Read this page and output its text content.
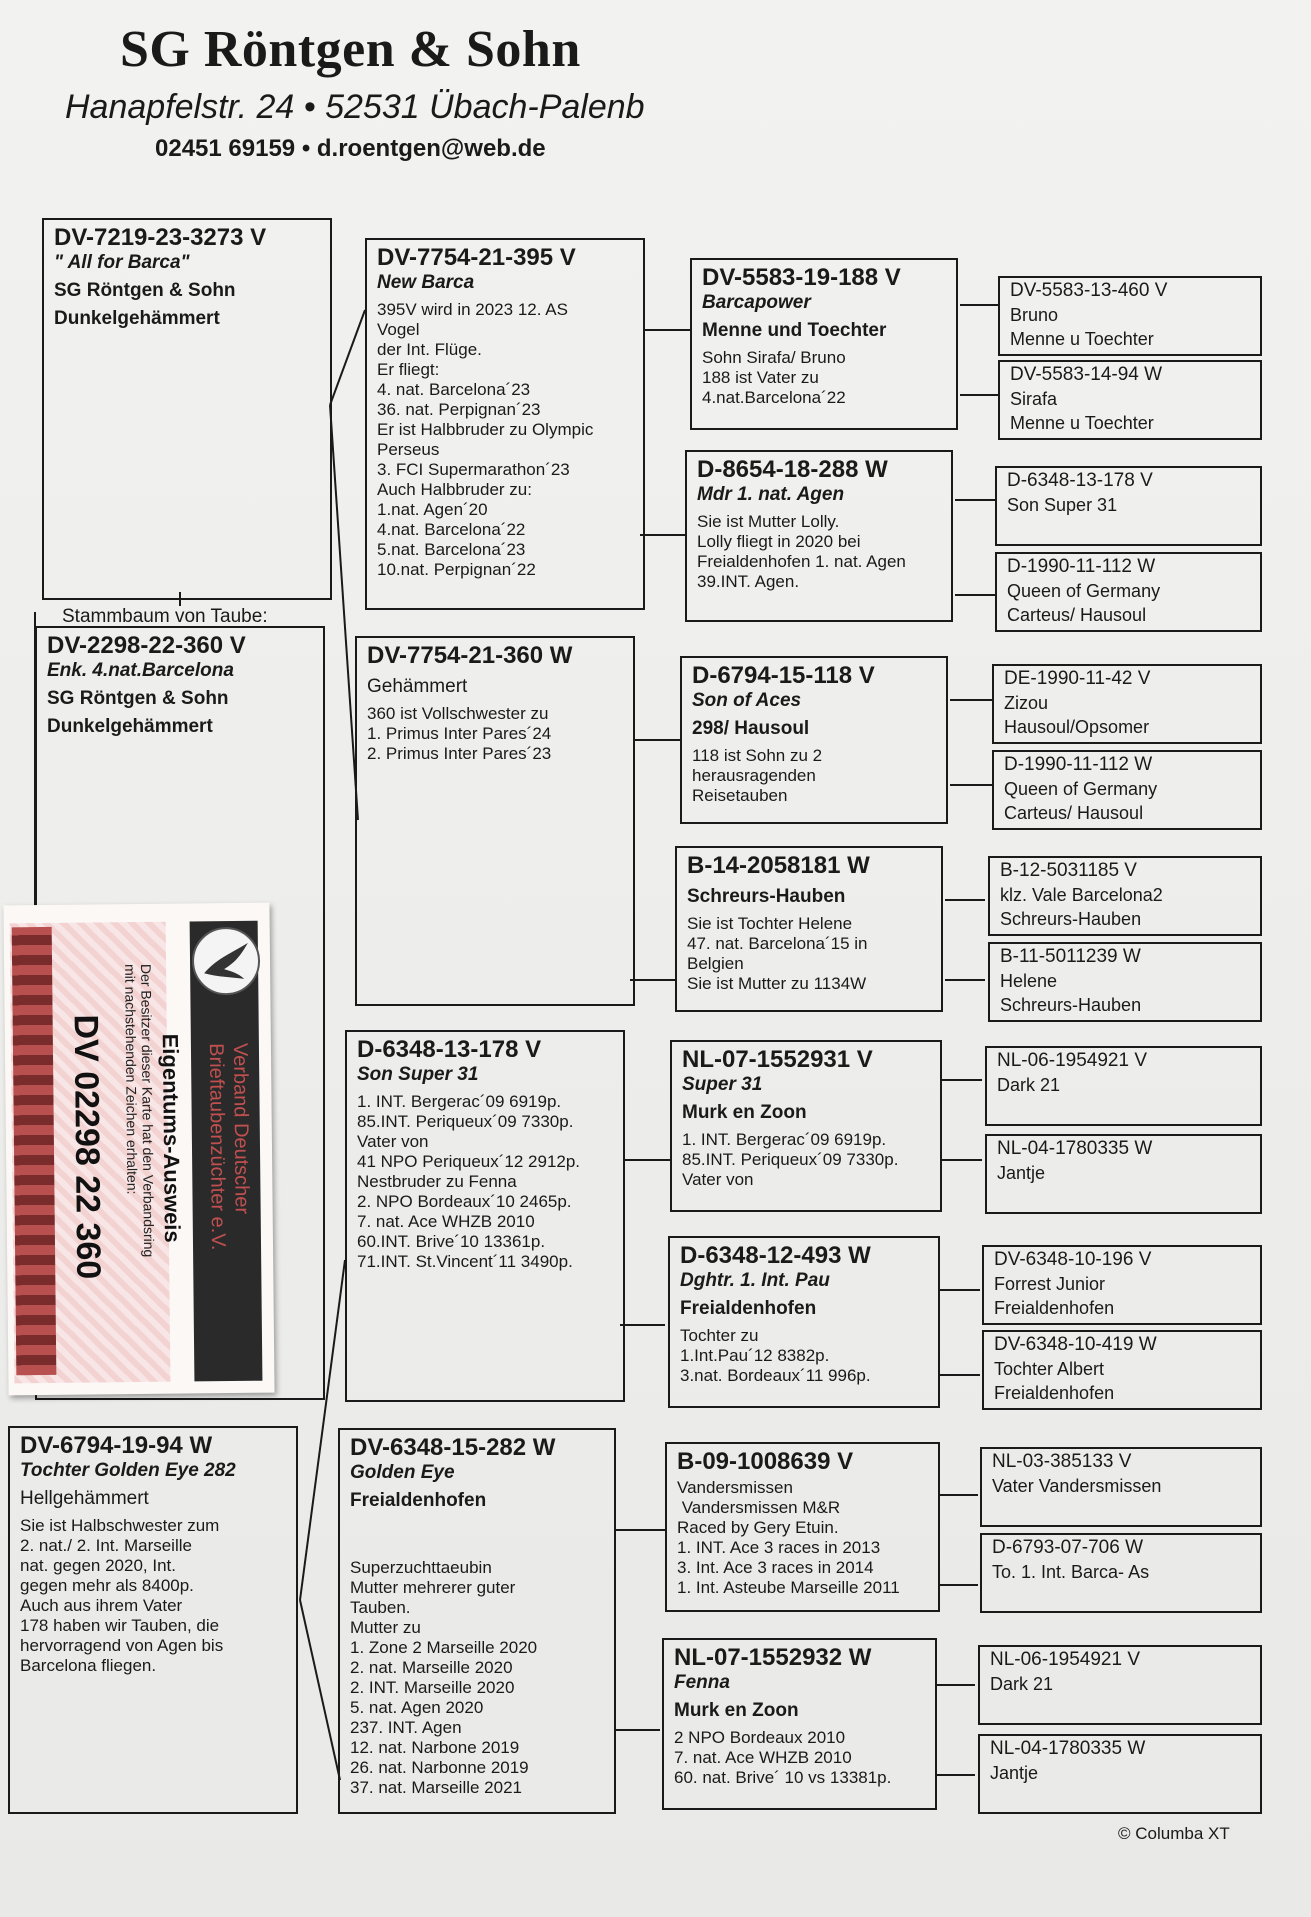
SG Röntgen & Sohn
Hanapfelstr. 24 • 52531 Übach-Palenb
02451 69159 • d.roentgen@web.de
DV-7219-23-3273 V
" All for Barca"
SG Röntgen & Sohn
Dunkelgehämmert
Stammbaum von Taube:
DV-2298-22-360 V
Enk. 4.nat.Barcelona
SG Röntgen & Sohn
Dunkelgehämmert
DV-6794-19-94 W
Tochter Golden Eye 282
Hellgehämmert
Sie ist Halbschwester zum
2. nat./ 2. Int. Marseille
nat. gegen 2020, Int.
gegen mehr als 8400p.
Auch aus ihrem Vater
178 haben wir Tauben, die
hervorragend von Agen bis
Barcelona fliegen.
DV-7754-21-395 V
New Barca
395V wird in 2023 12. AS
Vogel
der Int. Flüge.
Er fliegt:
4. nat. Barcelona´23
36. nat. Perpignan´23
Er ist Halbbruder zu Olympic
Perseus
3. FCI Supermarathon´23
Auch Halbbruder zu:
1.nat. Agen´20
4.nat. Barcelona´22
5.nat. Barcelona´23
10.nat. Perpignan´22
DV-7754-21-360 W
Gehämmert
360 ist Vollschwester zu
1. Primus Inter Pares´24
2. Primus Inter Pares´23
D-6348-13-178 V
Son Super 31
1. INT. Bergerac´09 6919p.
85.INT. Periqueux´09 7330p.
Vater von
41 NPO Periqueux´12 2912p.
Nestbruder zu Fenna
2. NPO Bordeaux´10 2465p.
7. nat. Ace WHZB 2010
60.INT. Brive´10 13361p.
71.INT. St.Vincent´11 3490p.
DV-6348-15-282 W
Golden Eye
Freialdenhofen

Superzuchttaeubin
Mutter mehrerer guter
Tauben.
Mutter zu
1. Zone 2 Marseille 2020
2. nat. Marseille 2020
2. INT. Marseille 2020
5. nat. Agen 2020
237. INT. Agen
12. nat. Narbone 2019
26. nat. Narbonne 2019
37. nat. Marseille 2021

DV-5583-19-188 V
Barcapower
Menne und Toechter
Sohn Sirafa/ Bruno
188 ist Vater zu
4.nat.Barcelona´22
D-8654-18-288 W
Mdr 1. nat. Agen
Sie ist Mutter Lolly.
Lolly fliegt in 2020 bei
Freialdenhofen 1. nat. Agen
39.INT. Agen.
D-6794-15-118 V
Son of Aces
298/ Hausoul
118 ist Sohn zu 2
herausragenden
Reisetauben
B-14-2058181 W
Schreurs-Hauben
Sie ist Tochter Helene
47. nat. Barcelona´15 in
Belgien
Sie ist Mutter zu 1134W
NL-07-1552931 V
Super 31
Murk en Zoon
1. INT. Bergerac´09 6919p.
85.INT. Periqueux´09 7330p.
Vater von
D-6348-12-493 W
Dghtr. 1. Int. Pau
Freialdenhofen
Tochter zu
1.Int.Pau´12 8382p.
3.nat. Bordeaux´11 996p.
B-09-1008639 V
Vandersmissen
Vandersmissen M&R
Raced by Gery Etuin.
1. INT. Ace 3 races in 2013
3. Int. Ace 3 races in 2014
1. Int. Asteube Marseille 2011
NL-07-1552932 W
Fenna
Murk en Zoon
2 NPO Bordeaux 2010
7. nat. Ace WHZB 2010
60. nat. Brive´ 10 vs 13381p.
DV-5583-13-460 V
Bruno
Menne u Toechter
DV-5583-14-94 W
Sirafa
Menne u Toechter
D-6348-13-178 V
Son Super 31
D-1990-11-112 W
Queen of Germany
Carteus/ Hausoul
DE-1990-11-42 V
Zizou
Hausoul/Opsomer
D-1990-11-112 W
Queen of Germany
Carteus/ Hausoul
B-12-5031185 V
klz. Vale Barcelona2
Schreurs-Hauben
B-11-5011239 W
Helene
Schreurs-Hauben
NL-06-1954921 V
Dark 21
NL-04-1780335 W
Jantje
DV-6348-10-196 V
Forrest Junior
Freialdenhofen
DV-6348-10-419 W
Tochter Albert
Freialdenhofen
NL-03-385133 V
Vater Vandersmissen
D-6793-07-706 W
To. 1. Int. Barca- As
NL-06-1954921 V
Dark 21
NL-04-1780335 W
Jantje
Verband Deutscher
Brieftaubenzüchter e.V.
Eigentums-Ausweis
Der Besitzer dieser Karte hat den Verbandsring
mit nachstehenden Zeichen erhalten:
DV 02298 22 360
© Columba XT
